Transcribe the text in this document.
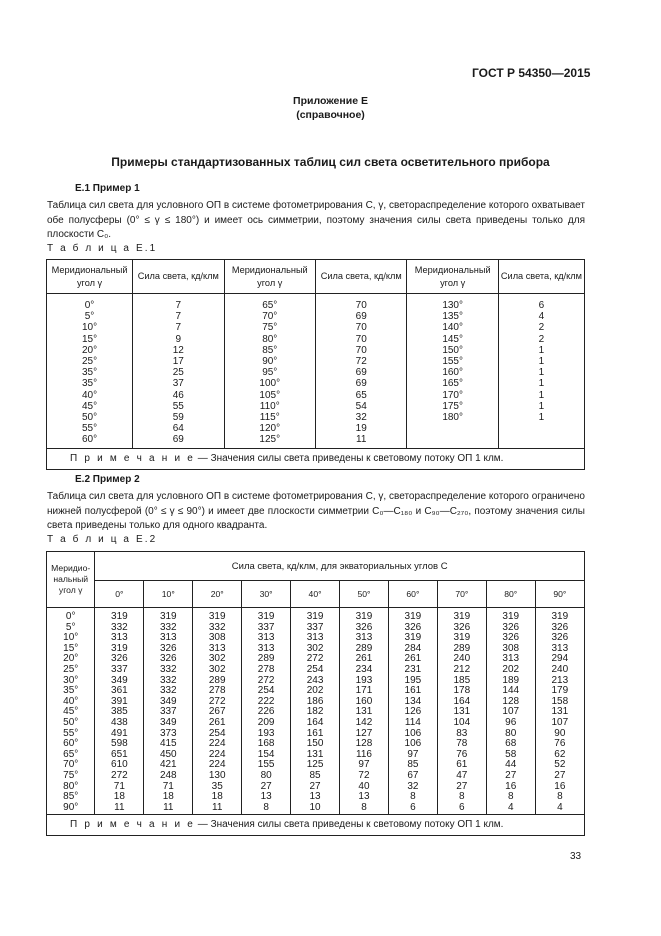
ГОСТ Р 54350—2015
Приложение Е
(справочное)
Примеры стандартизованных таблиц сил света осветительного прибора
Е.1 Пример 1
Таблица сил света для условного ОП в системе фотометрирования C, γ, светораспределение которого охватывает обе полусферы (0° ≤ γ ≤ 180°) и имеет ось симметрии, поэтому значения силы света приведены только для плоскости C₀.
Т а б л и ц а Е.1
Меридиональный угол γ	Сила света, кд/клм	Меридиональный угол γ	Сила света, кд/клм	Меридиональный угол γ	Сила света, кд/клм
0°	7	65°	70	130°	6
5°	7	70°	69	135°	4
10°	7	75°	70	140°	2
15°	9	80°	70	145°	2
20°	12	85°	70	150°	1
25°	17	90°	72	155°	1
35°	25	95°	69	160°	1
35°	37	100°	69	165°	1
40°	46	105°	65	170°	1
45°	55	110°	54	175°	1
50°	59	115°	32	180°	1
55°	64	120°	19		
60°	69	125°	11		
П р и м е ч а н и е — Значения силы света приведены к световому потоку ОП 1 клм.					
Е.2 Пример 2
Таблица сил света для условного ОП в системе фотометрирования C, γ, светораспределение которого ограничено нижней полусферой (0° ≤ γ ≤ 90°) и имеет две плоскости симметрии C₀—C₁₈₀ и C₉₀—C₂₇₀, поэтому значения силы света приведены только для одного квадранта.
Т а б л и ц а Е.2
Меридио-нальный угол γ	Сила света, кд/клм, для экваториальных углов C									
	0°	10°	20°	30°	40°	50°	60°	70°	80°	90°
0°	319	319	319	319	319	319	319	319	319	319
5°	332	332	332	337	337	326	326	326	326	326
10°	313	313	308	313	313	313	319	319	326	326
15°	319	326	313	313	302	289	284	289	308	313
20°	326	326	302	289	272	261	261	240	313	294
25°	337	332	302	278	254	234	231	212	202	240
30°	349	332	289	272	243	193	195	185	189	213
35°	361	332	278	254	202	171	161	178	144	179
40°	391	349	272	222	186	160	134	164	128	158
45°	385	337	267	226	182	131	126	131	107	131
50°	438	349	261	209	164	142	114	104	96	107
55°	491	373	254	193	161	127	106	83	80	90
60°	598	415	224	168	150	128	106	78	68	76
65°	651	450	224	154	131	116	97	76	58	62
70°	610	421	224	155	125	97	85	61	44	52
75°	272	248	130	80	85	72	67	47	27	27
80°	71	71	35	27	27	40	32	27	16	16
85°	18	18	18	13	13	13	8	8	8	8
90°	11	11	11	8	10	8	6	6	4	4
П р и м е ч а н и е — Значения силы света приведены к световому потоку ОП 1 клм.										
33
